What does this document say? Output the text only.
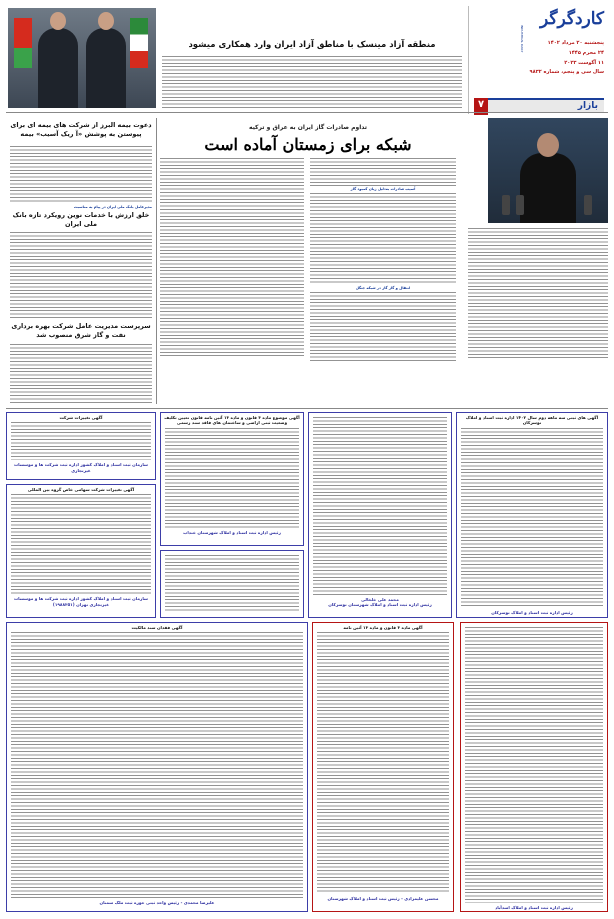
کاردگرگر
INDUSTRIAL DAILY	پنجشنبه ۲۰ مرداد ۱۴۰۲
۲۴ محرم ۱۴۴۵
۱۱ آگوست ۲۰۲۳
سال سی و پنجم، شماره ۹۸۳۲
بازار
۷
منطقه آزاد مینسک با مناطق آزاد ایران وارد همکاری میشود
تداوم صادرات گاز ایران به عراق و ترکیه
شبکه برای زمستان آماده است
آسیب صادرات به‌دلیل زیان کمبود گاز
انتقال و گاز گاز در شبکه جنگل
دعوت بیمه البرز از شرکت های بیمه ای برای پیوستن به پوشش «آ ریک آسیب» بیمه
مدیرعامل بانک ملی ایران در پیام به مناسبت
خلق ارزش با خدمات نوین رویکرد تازه بانک ملی ایران
سرپرست مدیریت عامل شرکت بهره برداری نفت و گاز شرق منصوب شد
آگهی های ثبتی سه ماهه دوم سال ۱۴۰۲ اداره ثبت اسناد و املاک توسرکان
رئیس اداره ثبت اسناد و املاک توسرکان
محمد علی خلخالی
رئیس اداره ثبت اسناد و املاک شهرستان توسرکان
آگهی موضوع ماده ۳ قانون و ماده ۱۳ آئین نامه قانون تعیین تکلیف وضعیت ثبتی اراضی و ساختمان های فاقد سند رسمی
رئیس اداره ثبت اسناد و املاک شهرستان خنداب
آگهی تغییرات شرکت
سازمان ثبت اسناد و املاک کشور اداره ثبت شرکت ها و موسسات غیرتجاری
آگهی تغییرات شرکت سهامی خاص گروه بین المللی
سازمان ثبت اسناد و املاک کشور اداره ثبت شرکت ها و موسسات غیرتجاری تهران (۱۹۸۸۳۵۱)
آگهی فقدان سند مالکیت
علیرضا محمدی - رئیس واحد ثبتی حوزه ثبت ملک سمنان
آگهی ماده ۳ قانون و ماده ۱۳ آئین نامه
محسن علیمرادی - رئیس ثبت اسناد و املاک شهرستان
رئیس اداره ثبت اسناد و املاک اسدآباد
